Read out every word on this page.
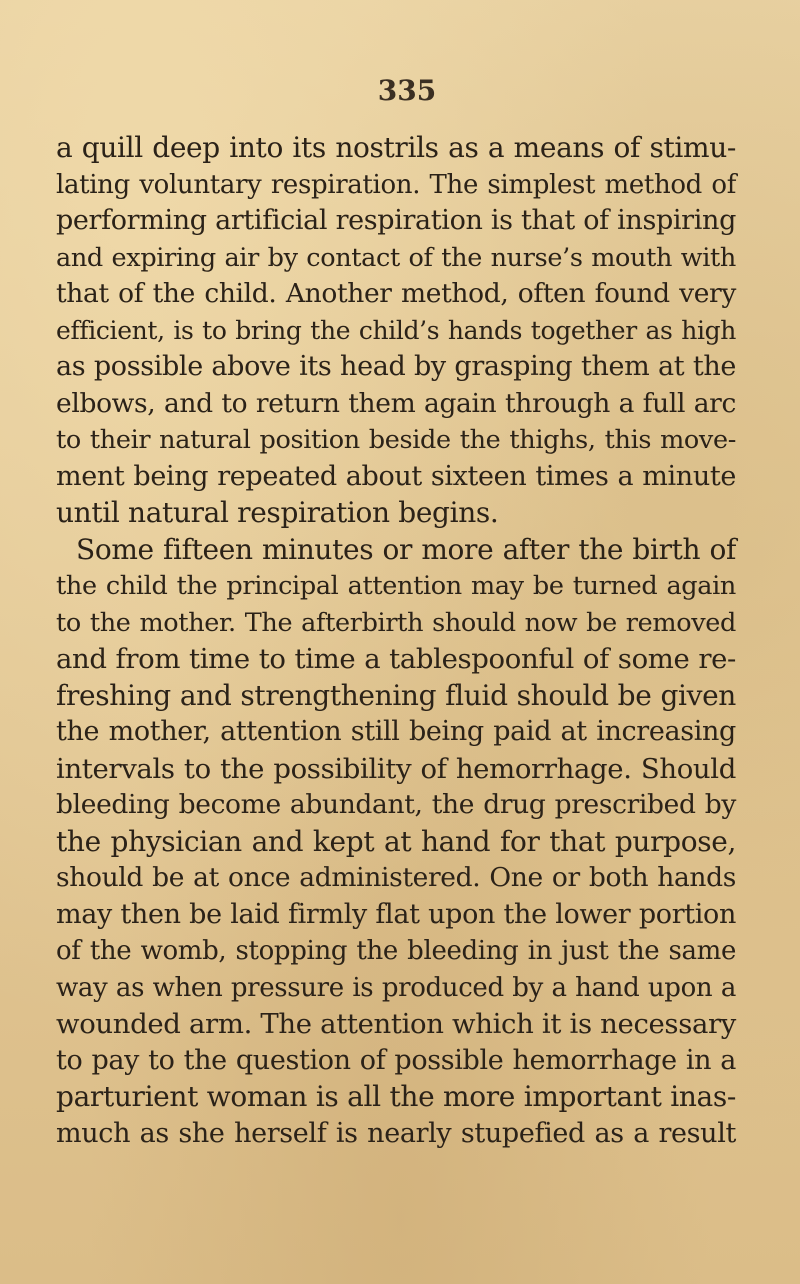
335
a quill deep into its nostrils as a means of stimu-
lating voluntary respiration. The simplest method of
performing artificial respiration is that of inspiring
and expiring air by contact of the nurse’s mouth with
that of the child. Another method, often found very
efficient, is to bring the child’s hands together as high
as possible above its head by grasping them at the
elbows, and to return them again through a full arc
to their natural position beside the thighs, this move-
ment being repeated about sixteen times a minute
until natural respiration begins.
Some fifteen minutes or more after the birth of
the child the principal attention may be turned again
to the mother. The afterbirth should now be removed
and from time to time a tablespoonful of some re-
freshing and strengthening fluid should be given
the mother, attention still being paid at increasing
intervals to the possibility of hemorrhage. Should
bleeding become abundant, the drug prescribed by
the physician and kept at hand for that purpose,
should be at once administered. One or both hands
may then be laid firmly flat upon the lower portion
of the womb, stopping the bleeding in just the same
way as when pressure is produced by a hand upon a
wounded arm. The attention which it is necessary
to pay to the question of possible hemorrhage in a
parturient woman is all the more important inas-
much as she herself is nearly stupefied as a result
